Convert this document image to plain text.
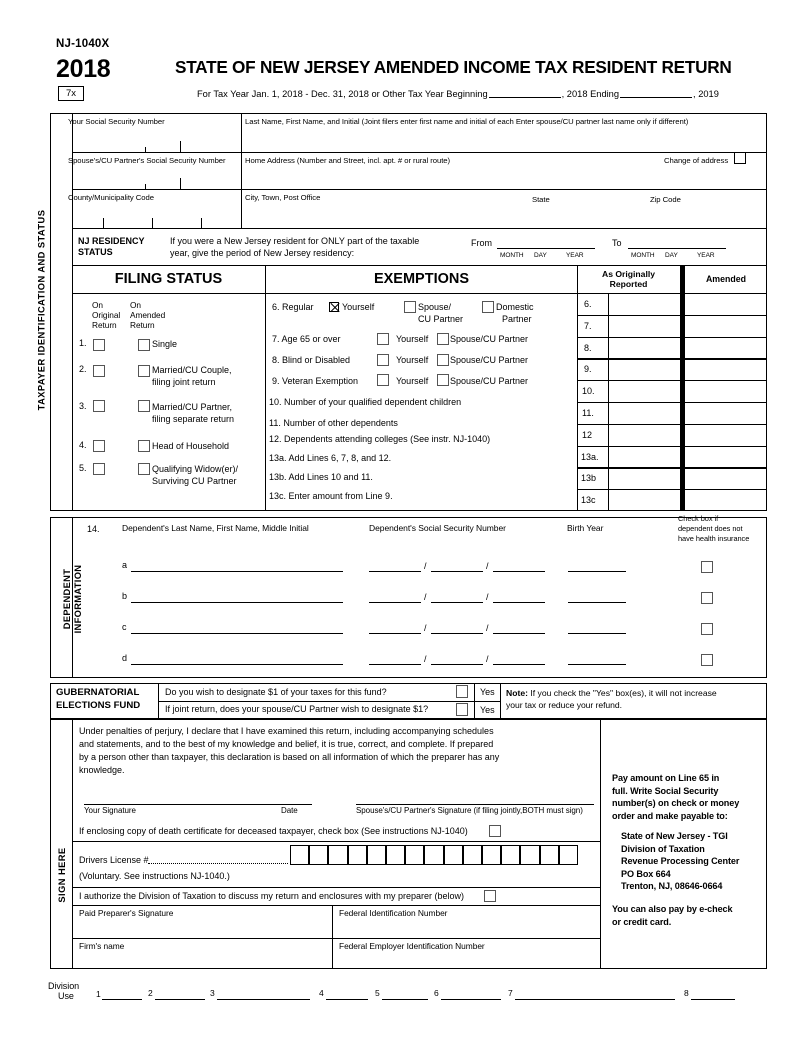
NJ-1040X
2018
7x
STATE OF NEW JERSEY AMENDED INCOME TAX RESIDENT RETURN
For Tax Year Jan. 1, 2018 - Dec. 31, 2018 or Other Tax Year Beginning	, 2018 Ending	, 2019
TAXPAYER IDENTIFICATION AND STATUS
Your Social Security Number	Last Name, First Name, and Initial (Joint filers enter first name and initial of each Enter spouse/CU partner last name only if different)
Spouse's/CU Partner's Social Security Number	Home Address (Number and Street, incl. apt. # or rural route)	Change of address
County/Municipality Code	City, Town, Post Office	State	Zip Code
NJ RESIDENCY
STATUS
If you were a New Jersey resident for ONLY part of the taxable
year, give the period of New Jersey residency:
From
MONTH DAY	YEAR
To
MONTH DAY	YEAR
FILING STATUS	EXEMPTIONS	As Originally
Reported	Amended
On
Original
Return
On
Amended
Return
1.	Single
2.	Married/CU Couple,
filing joint return
3.	Married/CU Partner,
filing separate return
4.	Head of Household
5.	Qualifying Widow(er)/
Surviving CU Partner
6. Regular	Yourself	Spouse/
CU Partner
Domestic
Partner
7. Age 65 or over	Yourself Spouse/CU Partner
8. Blind or Disabled	Yourself Spouse/CU Partner
9. Veteran Exemption	Yourself Spouse/CU Partner
10. Number of your qualified dependent children
11. Number of other dependents
12. Dependents attending colleges (See instr. NJ-1040)
13a. Add Lines 6, 7, 8, and 12.
13b. Add Lines 10 and 11.
13c. Enter amount from Line 9.
6.
7.
8.
9.
10.
11.
12
13a.
13b
13c
DEPENDENT INFORMATION
14.	Dependent's Last Name, First Name, Middle Initial	Dependent's Social Security Number	Birth Year
Check box if
dependent does not
have health insurance
a	/	/
b	/	/
c	/	/
d	/	/
GUBERNATORIAL
ELECTIONS FUND
Do you wish to designate $1 of your taxes for this fund?
If joint return, does your spouse/CU Partner wish to designate $1?
Yes
Yes
Note: If you check the "Yes" box(es), it will not increase
your tax or reduce your refund.
SIGN HERE
Under penalties of perjury, I declare that I have examined this return, including accompanying schedules
and statements, and to the best of my knowledge and belief, it is true, correct, and complete. If prepared
by a person other than taxpayer, this declaration is based on all information of which the preparer has any
knowledge.
Your Signature	Date	Spouse's/CU Partner's Signature (if filing jointly,BOTH must sign)
If enclosing copy of death certificate for deceased taxpayer, check box (See instructions NJ-1040)
Drivers License #
(Voluntary. See instructions NJ-1040.)
I authorize the Division of Taxation to discuss my return and enclosures with my preparer (below)
Paid Preparer's Signature	Federal Identification Number
Firm's name	Federal Employer Identification Number
Pay amount on Line 65 in
full. Write Social Security
number(s) on check or money
order and make payable to:
State of New Jersey - TGI
Division of Taxation
Revenue Processing Center
PO Box 664
Trenton, NJ, 08646-0664
You can also pay by e-check
or credit card.
Division
Use	1	2	3	4	5	6	7	8
